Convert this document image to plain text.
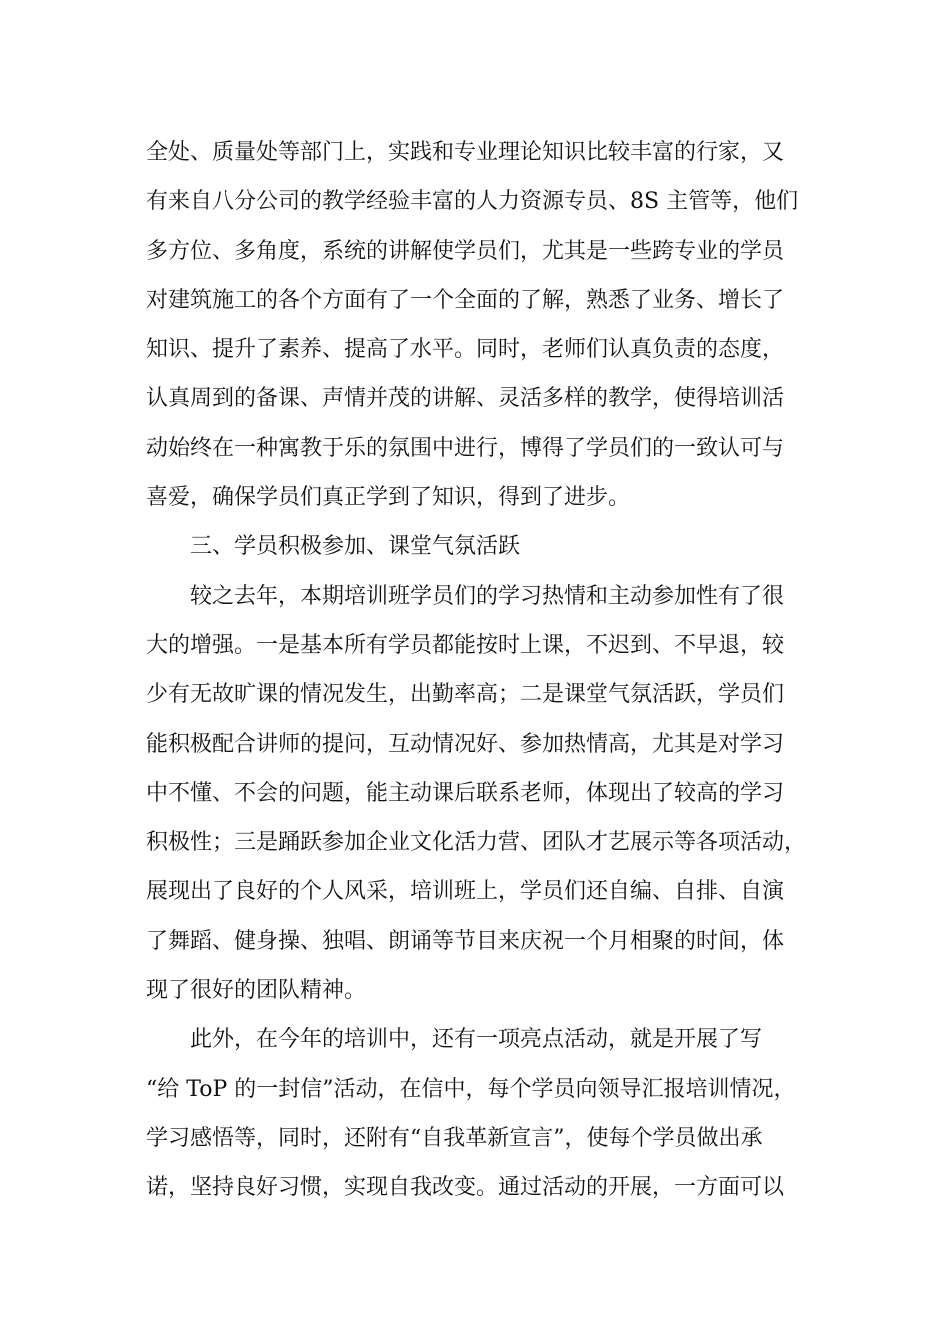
全处、质量处等部门上，实践和专业理论知识比较丰富的行家，又
有来自八分公司的教学经验丰富的人力资源专员、8S 主管等，他们
多方位、多角度，系统的讲解使学员们，尤其是一些跨专业的学员
对建筑施工的各个方面有了一个全面的了解，熟悉了业务、增长了
知识、提升了素养、提高了水平。同时，老师们认真负责的态度，
认真周到的备课、声情并茂的讲解、灵活多样的教学，使得培训活
动始终在一种寓教于乐的氛围中进行，博得了学员们的一致认可与
喜爱，确保学员们真正学到了知识，得到了进步。
三、学员积极参加、课堂气氛活跃
较之去年，本期培训班学员们的学习热情和主动参加性有了很
大的增强。一是基本所有学员都能按时上课，不迟到、不早退，较
少有无故旷课的情况发生，出勤率高；二是课堂气氛活跃，学员们
能积极配合讲师的提问，互动情况好、参加热情高，尤其是对学习
中不懂、不会的问题，能主动课后联系老师，体现出了较高的学习
积极性；三是踊跃参加企业文化活力营、团队才艺展示等各项活动，
展现出了良好的个人风采，培训班上，学员们还自编、自排、自演
了舞蹈、健身操、独唱、朗诵等节目来庆祝一个月相聚的时间，体
现了很好的团队精神。
此外，在今年的培训中，还有一项亮点活动，就是开展了写
“给 ToP 的一封信”活动，在信中，每个学员向领导汇报培训情况，
学习感悟等，同时，还附有“自我革新宣言”，使每个学员做出承
诺，坚持良好习惯，实现自我改变。通过活动的开展，一方面可以
